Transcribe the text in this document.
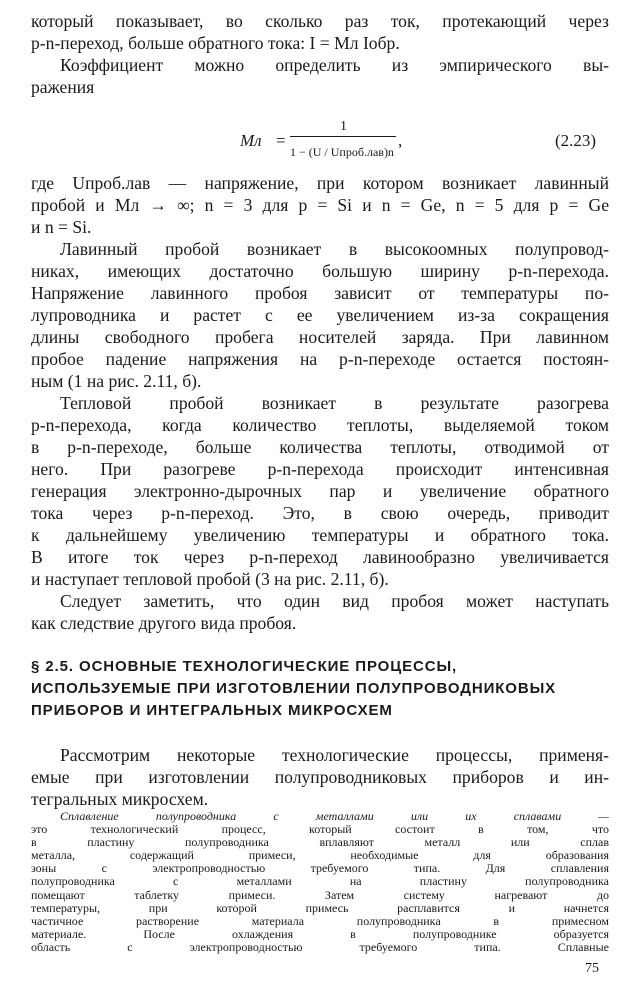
который показывает, во сколько раз ток, протекающий через
p-n-переход, больше обратного тока: I = Mл Iобр.
Коэффициент можно определить из эмпирического вы-
ражения
Mл =
1
1 − (U / Uпроб.лав)n
,	(2.23)
где Uпроб.лав — напряжение, при котором возникает лавинный
пробой и Mл → ∞; n = 3 для p = Si и n = Ge, n = 5 для p = Ge
и n = Si.
Лавинный пробой возникает в высокоомных полупровод-
никах, имеющих достаточно большую ширину p-n-перехода.
Напряжение лавинного пробоя зависит от температуры по-
лупроводника и растет с ее увеличением из-за сокращения
длины свободного пробега носителей заряда. При лавинном
пробое падение напряжения на p-n-переходе остается постоян-
ным (1 на рис. 2.11, б).
Тепловой пробой возникает в результате разогрева
p-n-перехода, когда количество теплоты, выделяемой током
в p-n-переходе, больше количества теплоты, отводимой от
него. При разогреве p-n-перехода происходит интенсивная
генерация электронно-дырочных пар и увеличение обратного
тока через p-n-переход. Это, в свою очередь, приводит
к дальнейшему увеличению температуры и обратного тока.
В итоге ток через p-n-переход лавинообразно увеличивается
и наступает тепловой пробой (3 на рис. 2.11, б).
Следует заметить, что один вид пробоя может наступать
как следствие другого вида пробоя.
§ 2.5. ОСНОВНЫЕ ТЕХНОЛОГИЧЕСКИЕ ПРОЦЕССЫ,
ИСПОЛЬЗУЕМЫЕ ПРИ ИЗГОТОВЛЕНИИ ПОЛУПРОВОДНИКОВЫХ
ПРИБОРОВ И ИНТЕГРАЛЬНЫХ МИКРОСХЕМ
Рассмотрим некоторые технологические процессы, применя-
емые при изготовлении полупроводниковых приборов и ин-
тегральных микросхем.
Сплавление полупроводника с металлами или их сплавами —
это технологический процесс, который состоит в том, что
в пластину полупроводника вплавляют металл или сплав
металла, содержащий примеси, необходимые для образования
зоны с электропроводностью требуемого типа. Для сплавления
полупроводника с металлами на пластину полупроводника
помещают таблетку примеси. Затем систему нагревают до
температуры, при которой примесь расплавится и начнется
частичное растворение материала полупроводника в примесном
материале. После охлаждения в полупроводнике образуется
область с электропроводностью требуемого типа. Сплавные
75
